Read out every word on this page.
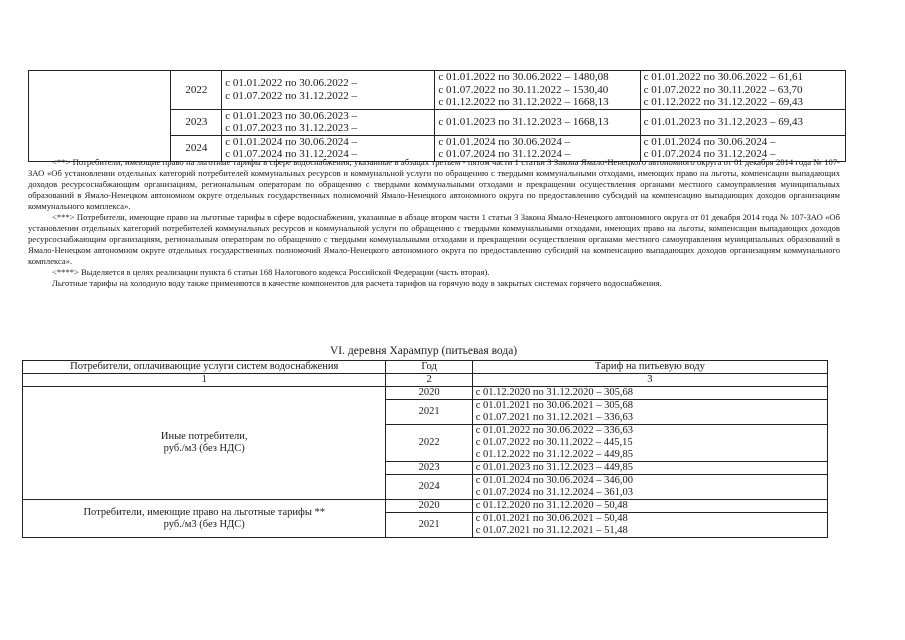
	2022	с 01.01.2022 по 30.06.2022 –
с 01.07.2022 по 31.12.2022 –	с 01.01.2022 по 30.06.2022 – 1480,08
с 01.07.2022 по 30.11.2022 – 1530,40
с 01.12.2022 по 31.12.2022 – 1668,13	с 01.01.2022 по 30.06.2022 – 61,61
с 01.07.2022 по 30.11.2022 – 63,70
с 01.12.2022 по 31.12.2022 – 69,43

	2023	с 01.01.2023 по 30.06.2023 –
с 01.07.2023 по 31.12.2023 –	с 01.01.2023 по 31.12.2023 – 1668,13	с 01.01.2023 по 31.12.2023 – 69,43

	2024	с 01.01.2024 по 30.06.2024 –
с 01.07.2024 по 31.12.2024 –	с 01.01.2024 по 30.06.2024 –
с 01.07.2024 по 31.12.2024 –	с 01.01.2024 по 30.06.2024 –
с 01.07.2024 по 31.12.2024 –

<**> Потребители, имеющие право на льготные тарифы в сфере водоснабжения, указанные в абзацах третьем - пятом части 1 статьи 3 Закона Ямало-Ненецкого автономного округа от 01 декабря 2014 года № 107-ЗАО «Об установлении отдельных категорий потребителей коммунальных ресурсов и коммунальной услуги по обращению с твердыми коммунальными отходами, имеющих право на льготы, компенсации выпадающих доходов ресурсоснабжающим организациям, региональным операторам по обращению с твердыми коммунальными отходами и прекращении осуществления органами местного самоуправления муниципальных образований в Ямало-Ненецком автономном округе отдельных государственных полномочий Ямало-Ненецкого автономного округа по предоставлению субсидий на компенсацию выпадающих доходов организациям коммунального комплекса».

<***> Потребители, имеющие право на льготные тарифы в сфере водоснабжения, указанные в абзаце втором части 1 статьи 3 Закона Ямало-Ненецкого автономного округа от 01 декабря 2014 года № 107-ЗАО «Об установлении отдельных категорий потребителей коммунальных ресурсов и коммунальной услуги по обращению с твердыми коммунальными отходами, имеющих право на льготы, компенсации выпадающих доходов ресурсоснабжающим организациям, региональным операторам по обращению с твердыми коммунальными отходами и прекращении осуществления органами местного самоуправления муниципальных образований в Ямало-Ненецком автономном округе отдельных государственных полномочий Ямало-Ненецкого автономного округа по предоставлению субсидий на компенсацию выпадающих доходов организациям коммунального комплекса».

<****> Выделяется в целях реализации пункта 6 статьи 168 Налогового кодекса Российской Федерации (часть вторая).

Льготные тарифы на холодную воду также применяются в качестве компонентов для расчета тарифов на горячую воду в закрытых системах горячего водоснабжения.

VI. деревня Харампур (питьевая вода)
Потребители, оплачивающие услуги систем водоснабжения	Год	Тариф на питьевую воду
1	2	3

Иные потребители,
руб./м3 (без НДС)	2020	с 01.12.2020 по 31.12.2020 – 305,68

	2021	с 01.01.2021 по 30.06.2021 – 305,68
с 01.07.2021 по 31.12.2021 – 336,63

	2022	с 01.01.2022 по 30.06.2022 – 336,63
с 01.07.2022 по 30.11.2022 – 445,15
с 01.12.2022 по 31.12.2022 – 449,85

	2023	с 01.01.2023 по 31.12.2023 – 449,85

	2024	с 01.01.2024 по 30.06.2024 – 346,00
с 01.07.2024 по 31.12.2024 – 361,03

Потребители, имеющие право на льготные тарифы **
руб./м3 (без НДС)	2020	с 01.12.2020 по 31.12.2020 – 50,48

	2021	с 01.01.2021 по 30.06.2021 – 50,48
с 01.07.2021 по 31.12.2021 – 51,48
